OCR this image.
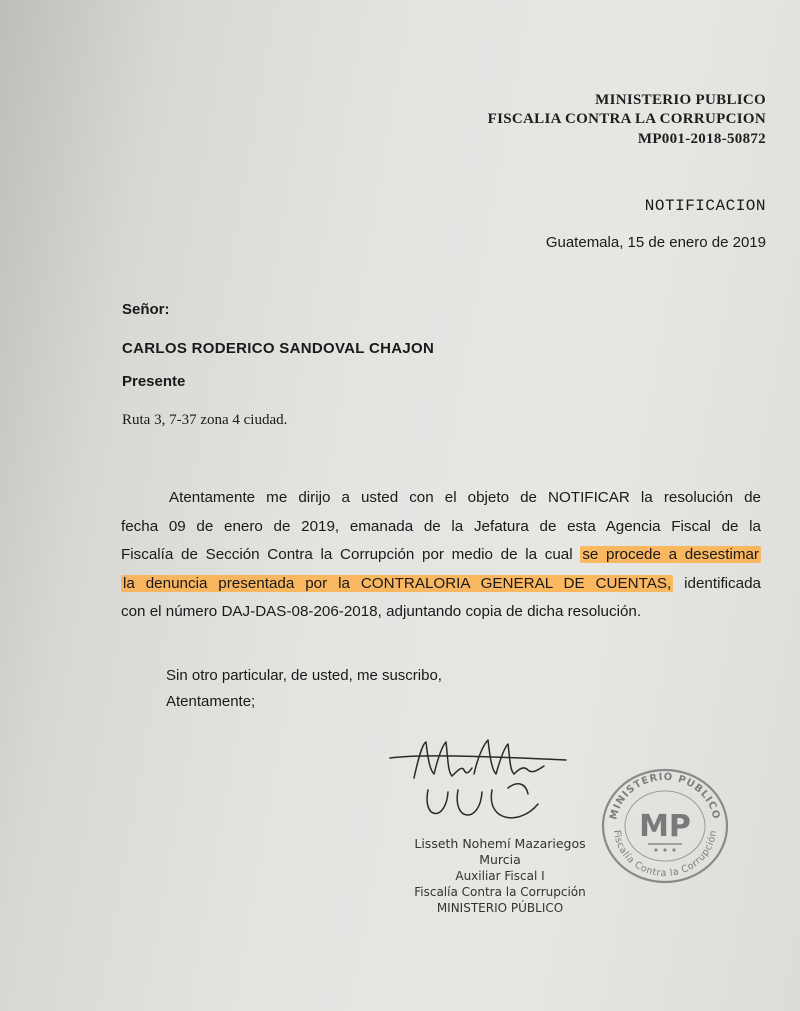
MINISTERIO PUBLICO
FISCALIA CONTRA LA CORRUPCION
MP001-2018-50872
NOTIFICACION
Guatemala, 15 de enero de 2019
Señor:
CARLOS RODERICO SANDOVAL CHAJON
Presente
Ruta 3, 7-37 zona 4 ciudad.
Atentamente me dirijo a usted con el objeto de NOTIFICAR la resolución de
fecha 09 de enero de 2019, emanada de la Jefatura de esta Agencia Fiscal de la
Fiscalía de Sección Contra la Corrupción por medio de la cual se procede a desestimar
la denuncia presentada por la CONTRALORIA GENERAL DE CUENTAS, identificada
con el número DAJ-DAS-08-206-2018, adjuntando copia de dicha resolución.
Sin otro particular, de usted, me suscribo,
Atentamente;
Lisseth Nohemí Mazariegos Murcia
Auxiliar Fiscal I
Fiscalía Contra la Corrupción
MINISTERIO PÚBLICO
MINISTERIO PUBLICO
Fiscalía Contra la Corrupción
MP
